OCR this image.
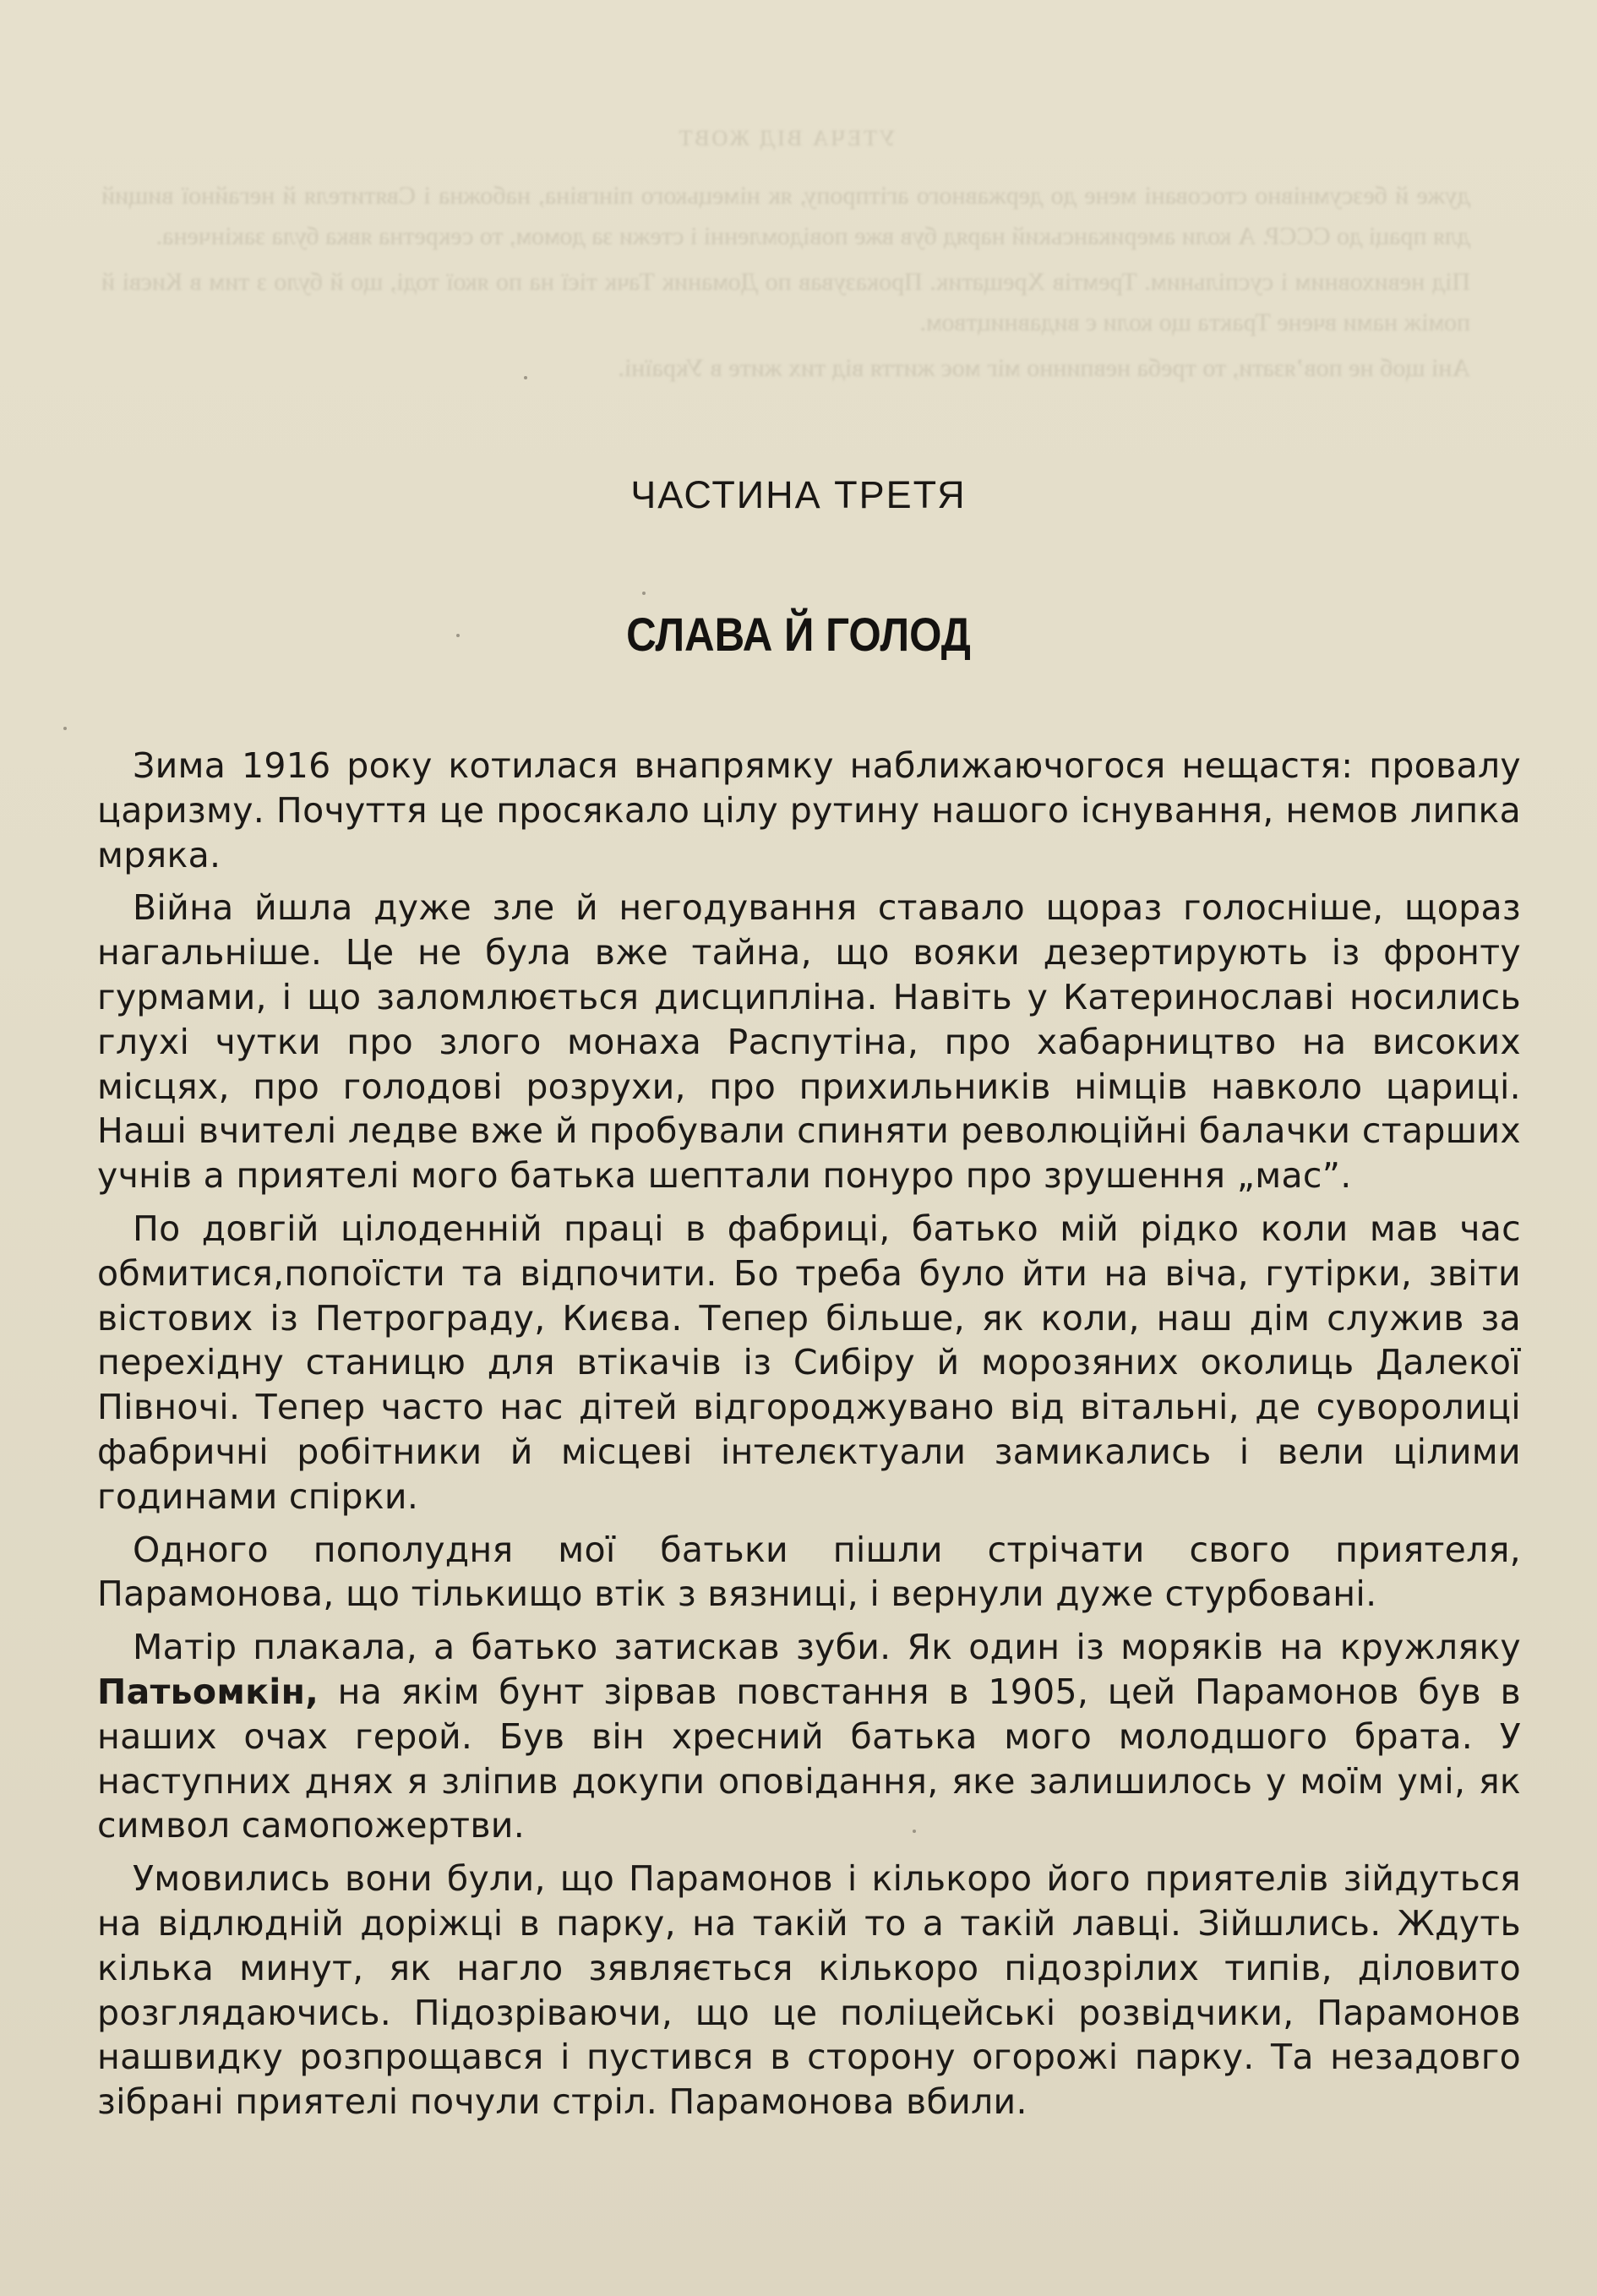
УТЕЧА ВІД ЖОВТ

дуже й безсумнівно стосовані мене до державного агітпропу, як німецького пінгвіна, набожна і Святителя й негайної вищий для праці до СССР. А коли американський наряд був вже повідомленні і стежи за домом, то секретна явка була закінчена.

Під невиховним і суспільним. Тремтів Хрещатик. Проказував по Доманик Тачк тієї на по якої тоді, що й було з тим в Києві й поміж нами вчене Тракта що коли є видавництвом.

Ані щоб не пов’язати, то треба невпинно міг моє життя від тих жите в Україні.

ЧАСТИНА ТРЕТЯ
СЛАВА Й ГОЛОД

Зима 1916 року котилася внапрямку наближаючогося нещастя: провалу царизму. Почуття це просякало цілу рутину нашого існування, немов липка мряка.

Війна йшла дуже зле й негодування ставало щораз голосніше, щораз нагальніше. Це не була вже тайна, що вояки дезертирують із фронту гурмами, і що заломлюється дисципліна. Навіть у Катеринославі носились глухі чутки про злого монаха Распутіна, про хабарництво на високих місцях, про голодові розрухи, про прихильників німців навколо цариці. Наші вчителі ледве вже й пробували спиняти революційні балачки старших учнів а приятелі мого батька шептали понуро про зрушення „мас”.

По довгій цілоденній праці в фабриці, батько мій рідко коли мав час обмитися,попоїсти та відпочити. Бо треба було йти на віча, гутірки, звіти вістових із Петрограду, Києва. Тепер більше, як коли, наш дім служив за перехідну станицю для втікачів із Сибіру й морозяних околиць Далекої Півночі. Тепер часто нас дітей відгороджувано від вітальні, де суворолиці фабричні робітники й місцеві інтелєктуали замикались і вели цілими годинами спірки.

Одного пополудня мої батьки пішли стрічати свого приятеля, Парамонова, що тількищо втік з вязниці, і вернули дуже стурбовані.

Матір плакала, а батько затискав зуби. Як один із моряків на кружляку Патьомкін, на якім бунт зірвав повстання в 1905, цей Парамонов був в наших очах герой. Був він хресний батька мого молодшого брата. У наступних днях я зліпив докупи оповідання, яке залишилось у моїм умі, як символ самопожертви.

Умовились вони були, що Парамонов і кількоро його приятелів зійдуться на відлюдній доріжці в парку, на такій то а такій лавці. Зійшлись. Ждуть кілька минут, як нагло зявляється кількоро підозрілих типів, діловито розглядаючись. Підозріваючи, що це поліцейські розвідчики, Парамонов нашвидку розпрощався і пустився в сторону огорожі парку. Та незадовго зібрані приятелі почули стріл. Парамонова вбили.
